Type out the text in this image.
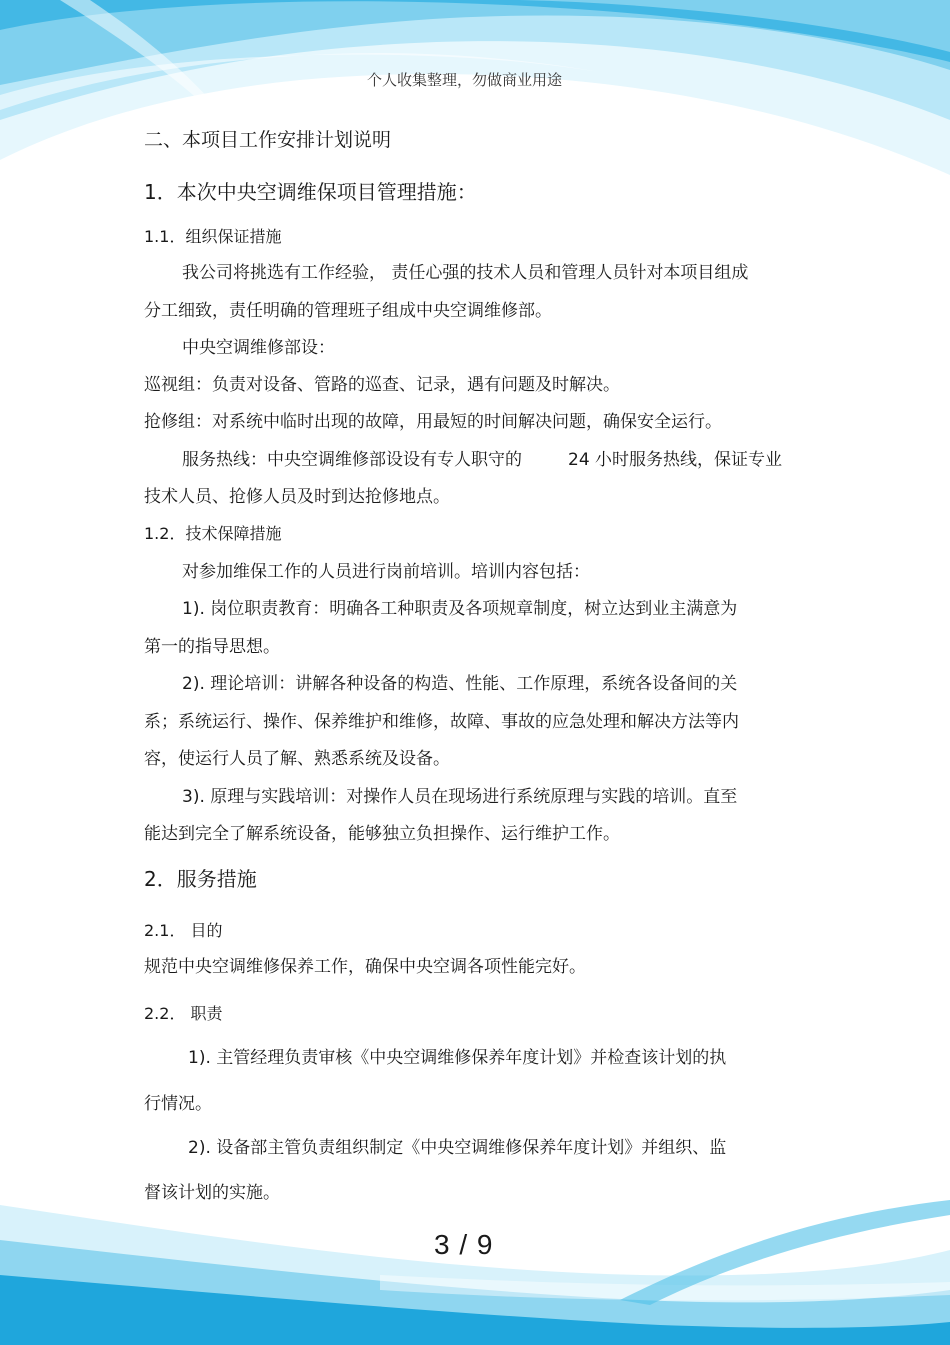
个人收集整理，勿做商业用途
二、本项目工作安排计划说明
1．本次中央空调维保项目管理措施：
1.1．组织保证措施
我公司将挑选有工作经验， 责任心强的技术人员和管理人员针对本项目组成
分工细致，责任明确的管理班子组成中央空调维修部。
中央空调维修部设：
巡视组：负责对设备、管路的巡查、记录，遇有问题及时解决。
抢修组：对系统中临时出现的故障，用最短的时间解决问题，确保安全运行。
服务热线：中央空调维修部设设有专人职守的	24 小时服务热线，保证专业
技术人员、抢修人员及时到达抢修地点。
1.2．技术保障措施
对参加维保工作的人员进行岗前培训。培训内容包括：
1). 岗位职责教育：明确各工种职责及各项规章制度，树立达到业主满意为
第一的指导思想。
2). 理论培训：讲解各种设备的构造、性能、工作原理，系统各设备间的关
系；系统运行、操作、保养维护和维修，故障、事故的应急处理和解决方法等内
容，使运行人员了解、熟悉系统及设备。
3). 原理与实践培训：对操作人员在现场进行系统原理与实践的培训。直至
能达到完全了解系统设备，能够独立负担操作、运行维护工作。
2．服务措施
2.1． 目的
规范中央空调维修保养工作，确保中央空调各项性能完好。
2.2． 职责
1). 主管经理负责审核《中央空调维修保养年度计划》并检查该计划的执
行情况。
2). 设备部主管负责组织制定《中央空调维修保养年度计划》并组织、监
督该计划的实施。
3 / 9
